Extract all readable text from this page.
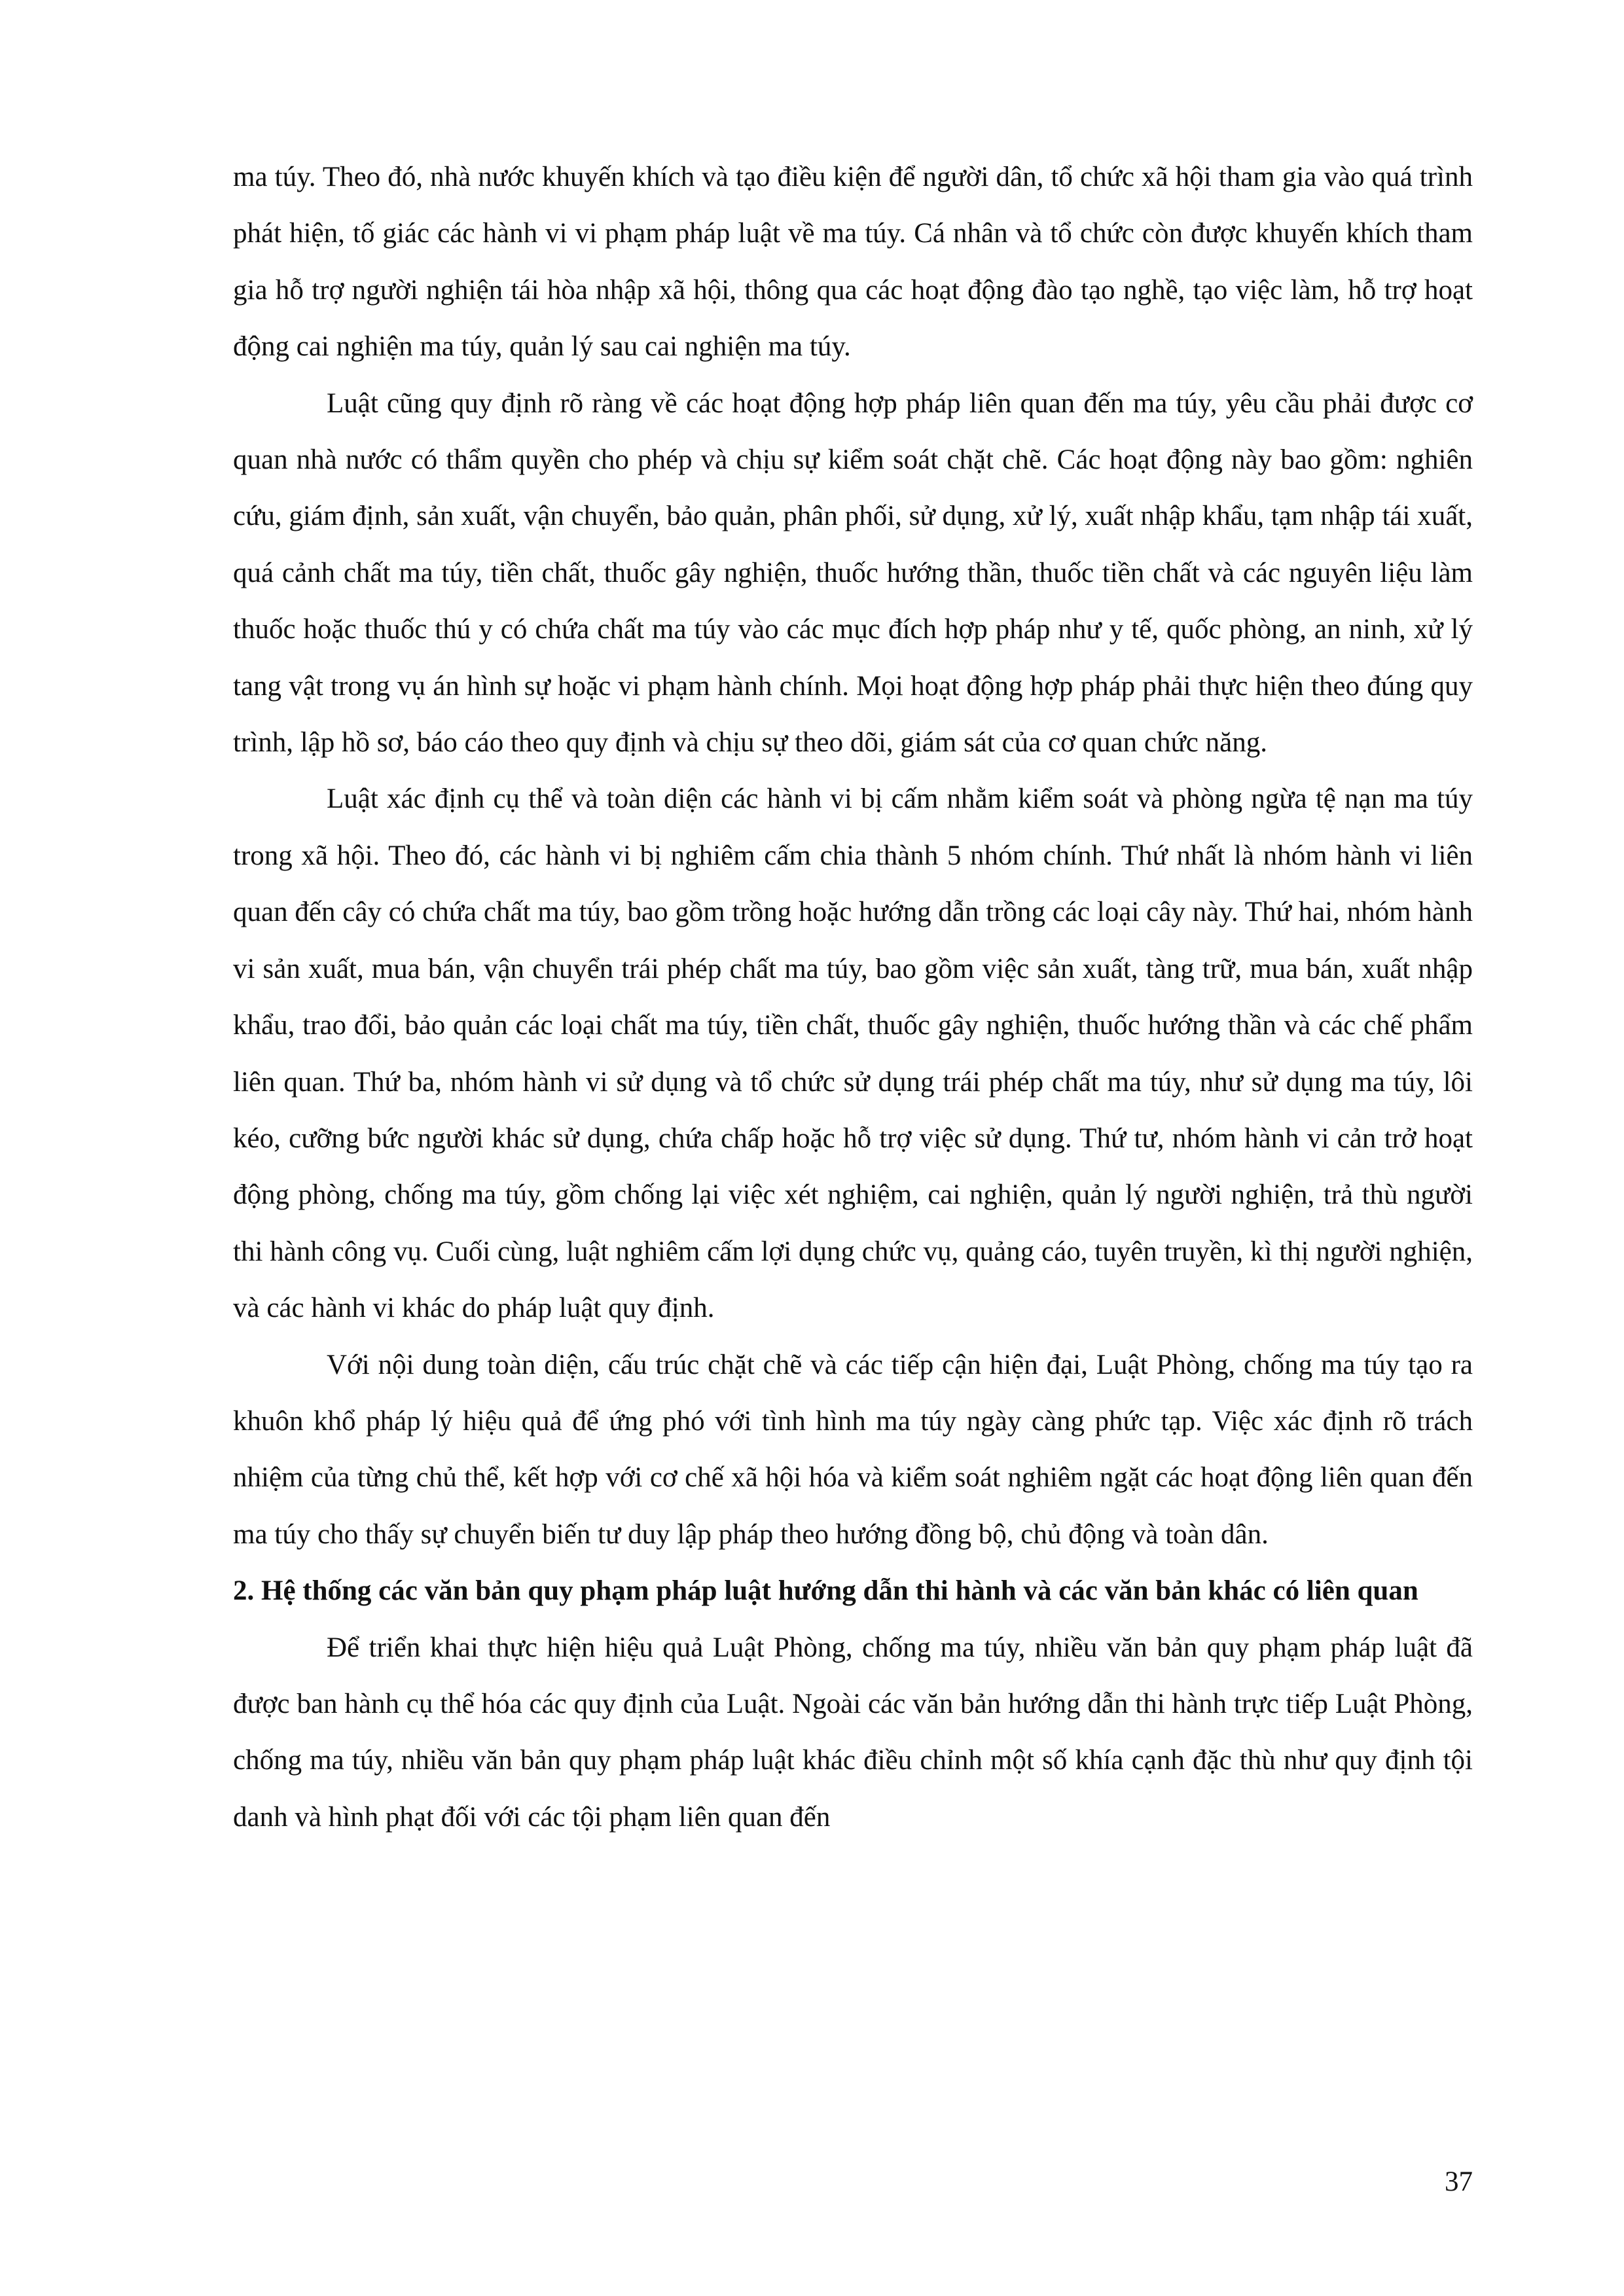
ma túy. Theo đó, nhà nước khuyến khích và tạo điều kiện để người dân, tổ chức xã hội tham gia vào quá trình phát hiện, tố giác các hành vi vi phạm pháp luật về ma túy. Cá nhân và tổ chức còn được khuyến khích tham gia hỗ trợ người nghiện tái hòa nhập xã hội, thông qua các hoạt động đào tạo nghề, tạo việc làm, hỗ trợ hoạt động cai nghiện ma túy, quản lý sau cai nghiện ma túy.

Luật cũng quy định rõ ràng về các hoạt động hợp pháp liên quan đến ma túy, yêu cầu phải được cơ quan nhà nước có thẩm quyền cho phép và chịu sự kiểm soát chặt chẽ. Các hoạt động này bao gồm: nghiên cứu, giám định, sản xuất, vận chuyển, bảo quản, phân phối, sử dụng, xử lý, xuất nhập khẩu, tạm nhập tái xuất, quá cảnh chất ma túy, tiền chất, thuốc gây nghiện, thuốc hướng thần, thuốc tiền chất và các nguyên liệu làm thuốc hoặc thuốc thú y có chứa chất ma túy vào các mục đích hợp pháp như y tế, quốc phòng, an ninh, xử lý tang vật trong vụ án hình sự hoặc vi phạm hành chính. Mọi hoạt động hợp pháp phải thực hiện theo đúng quy trình, lập hồ sơ, báo cáo theo quy định và chịu sự theo dõi, giám sát của cơ quan chức năng.

Luật xác định cụ thể và toàn diện các hành vi bị cấm nhằm kiểm soát và phòng ngừa tệ nạn ma túy trong xã hội. Theo đó, các hành vi bị nghiêm cấm chia thành 5 nhóm chính. Thứ nhất là nhóm hành vi liên quan đến cây có chứa chất ma túy, bao gồm trồng hoặc hướng dẫn trồng các loại cây này. Thứ hai, nhóm hành vi sản xuất, mua bán, vận chuyển trái phép chất ma túy, bao gồm việc sản xuất, tàng trữ, mua bán, xuất nhập khẩu, trao đổi, bảo quản các loại chất ma túy, tiền chất, thuốc gây nghiện, thuốc hướng thần và các chế phẩm liên quan. Thứ ba, nhóm hành vi sử dụng và tổ chức sử dụng trái phép chất ma túy, như sử dụng ma túy, lôi kéo, cưỡng bức người khác sử dụng, chứa chấp hoặc hỗ trợ việc sử dụng. Thứ tư, nhóm hành vi cản trở hoạt động phòng, chống ma túy, gồm chống lại việc xét nghiệm, cai nghiện, quản lý người nghiện, trả thù người thi hành công vụ. Cuối cùng, luật nghiêm cấm lợi dụng chức vụ, quảng cáo, tuyên truyền, kì thị người nghiện, và các hành vi khác do pháp luật quy định.

Với nội dung toàn diện, cấu trúc chặt chẽ và các tiếp cận hiện đại, Luật Phòng, chống ma túy tạo ra khuôn khổ pháp lý hiệu quả để ứng phó với tình hình ma túy ngày càng phức tạp. Việc xác định rõ trách nhiệm của từng chủ thể, kết hợp với cơ chế xã hội hóa và kiểm soát nghiêm ngặt các hoạt động liên quan đến ma túy cho thấy sự chuyển biến tư duy lập pháp theo hướng đồng bộ, chủ động và toàn dân.

2. Hệ thống các văn bản quy phạm pháp luật hướng dẫn thi hành và các văn bản khác có liên quan

Để triển khai thực hiện hiệu quả Luật Phòng, chống ma túy, nhiều văn bản quy phạm pháp luật đã được ban hành cụ thể hóa các quy định của Luật. Ngoài các văn bản hướng dẫn thi hành trực tiếp Luật Phòng, chống ma túy, nhiều văn bản quy phạm pháp luật khác điều chỉnh một số khía cạnh đặc thù như quy định tội danh và hình phạt đối với các tội phạm liên quan đến

37
